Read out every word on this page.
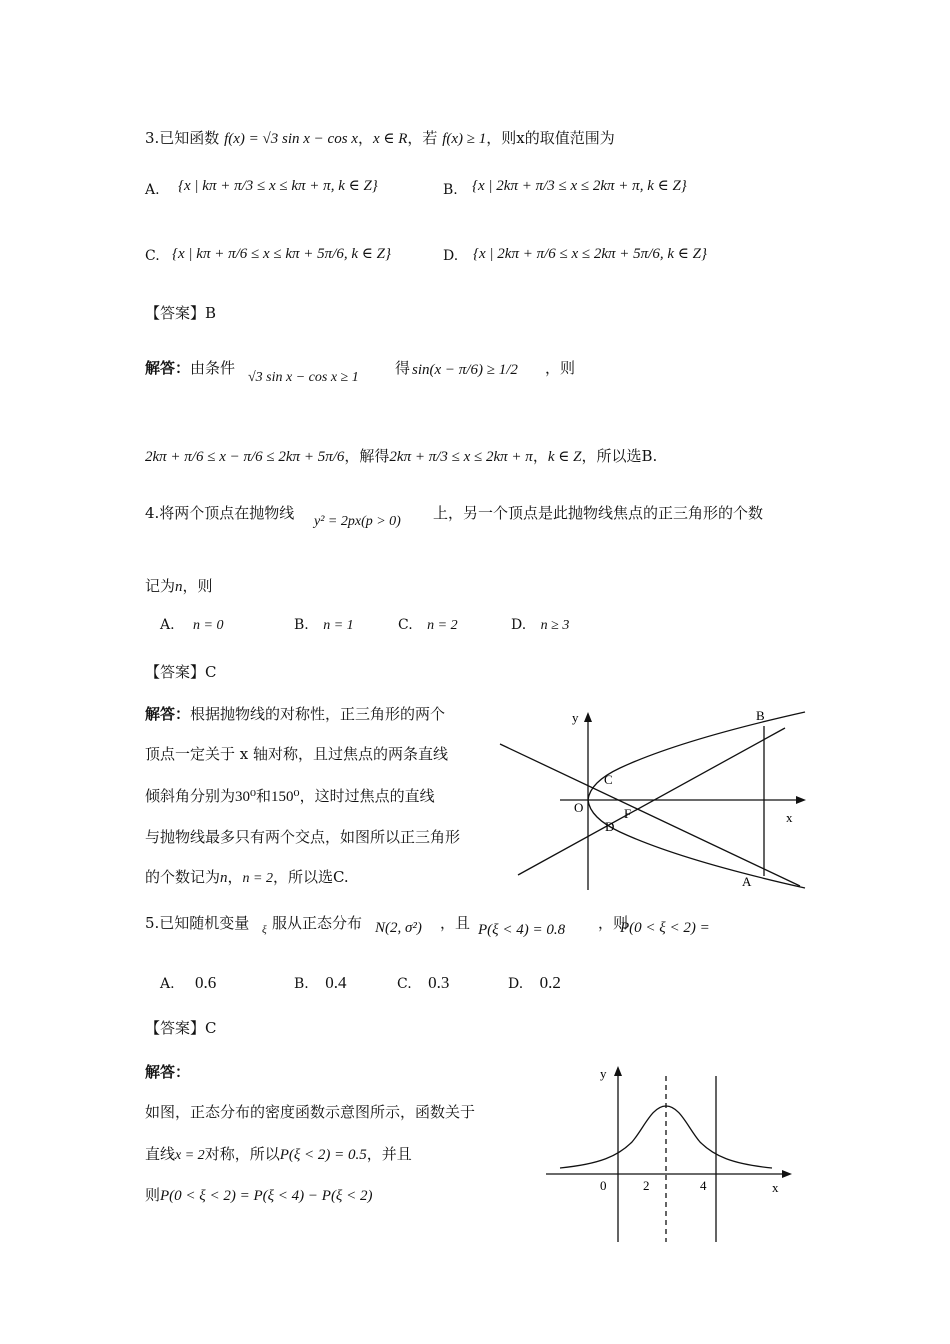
3.已知函数 f(x) = √3 sin x − cos x，x ∈ R，若 f(x) ≥ 1，则x的取值范围为
A. {x | kπ + π/3 ≤ x ≤ kπ + π, k ∈ Z}	B. {x | 2kπ + π/3 ≤ x ≤ 2kπ + π, k ∈ Z}
C. {x | kπ + π/6 ≤ x ≤ kπ + 5π/6, k ∈ Z}	D. {x | 2kπ + π/6 ≤ x ≤ 2kπ + 5π/6, k ∈ Z}
【答案】B
解答：由条件
√3 sin x − cos x ≥ 1
得 sin(x − π/6) ≥ 1/2 ，则
2kπ + π/6 ≤ x − π/6 ≤ 2kπ + 5π/6，解得2kπ + π/3 ≤ x ≤ 2kπ + π，k ∈ Z，所以选B.
4.将两个顶点在抛物线 y² = 2px(p > 0) 上，另一个顶点是此抛物线焦点的正三角形的个数
记为n，则
A. n = 0	B. n = 1	C. n = 2	D. n ≥ 3
【答案】C
解答：根据抛物线的对称性，正三角形的两个
顶点一定关于 x 轴对称，且过焦点的两条直线
倾斜角分别为30⁰和150⁰，这时过焦点的直线
与抛物线最多只有两个交点，如图所以正三角形
的个数记为n，n = 2，所以选C.
y
x
O	F
C
D
A
B
5.已知随机变量 ξ 服从正态分布 N(2, σ²) ，且 P(ξ < 4) = 0.8 ，则
P(0 < ξ < 2) =
A. 0.6	B. 0.4	C. 0.3	D. 0.2
【答案】C
解答：
如图，正态分布的密度函数示意图所示，函数关于
直线x = 2对称，所以P(ξ < 2) = 0.5，并且
则P(0 < ξ < 2) = P(ξ < 4) − P(ξ < 2)
y
x
0	2	4
